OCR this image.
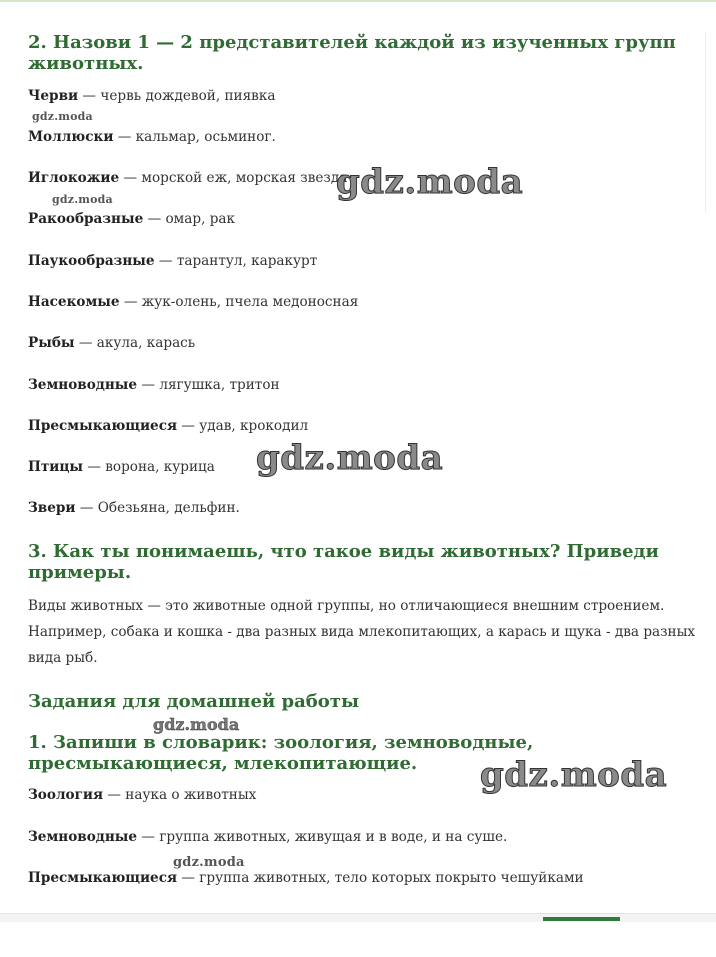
2. Назови 1 — 2 представителей каждой из изученных групп животных.
Черви — червь дождевой, пиявка
Моллюски — кальмар, осьминог.
Иглокожие — морской еж, морская звезда
Ракообразные — омар, рак
Паукообразные — тарантул, каракурт
Насекомые — жук-олень, пчела медоносная
Рыбы — акула, карась
Земноводные — лягушка, тритон
Пресмыкающиеся — удав, крокодил
Птицы — ворона, курица
Звери — Обезьяна, дельфин.
3. Как ты понимаешь, что такое виды животных? Приведи примеры.
Виды животных — это животные одной группы, но отличающиеся внешним строением. Например, собака и кошка - два разных вида млекопитающих, а карась и щука - два разных вида рыб.
Задания для домашней работы
1. Запиши в словарик: зоология, земноводные, пресмыкающиеся, млекопитающие.
Зоология — наука о животных
Земноводные — группа животных, живущая и в воде, и на суше.
Пресмыкающиеся — группа животных, тело которых покрыто чешуйками
gdz.moda
gdz.moda	gdz.moda
gdz.moda
gdz.moda
gdz.moda
gdz.moda
